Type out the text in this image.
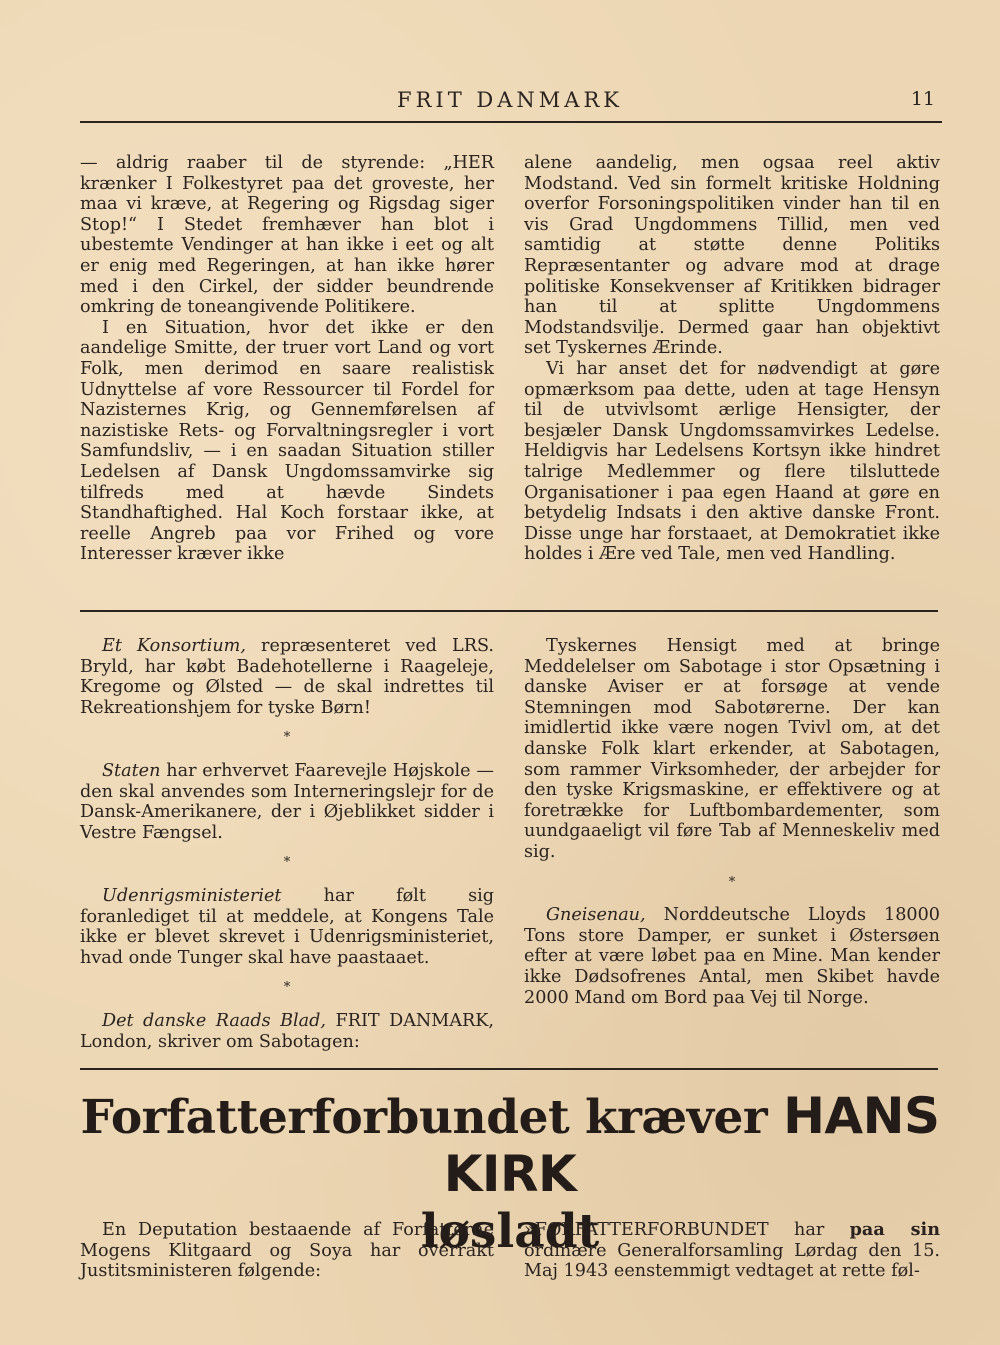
FRIT DANMARK	11

— aldrig raaber til de styrende: „HER krænker I Folkestyret paa det groveste, her maa vi kræve, at Regering og Rigsdag siger Stop!“ I Stedet fremhæver han blot i ubestemte Vendinger at han ikke i eet og alt er enig med Regeringen, at han ikke hører med i den Cirkel, der sidder beundrende omkring de toneangivende Politikere.

I en Situation, hvor det ikke er den aandelige Smitte, der truer vort Land og vort Folk, men derimod en saare realistisk Udnyttelse af vore Ressourcer til Fordel for Nazisternes Krig, og Gennemførelsen af nazistiske Rets- og Forvaltningsregler i vort Samfundsliv, — i en saadan Situation stiller Ledelsen af Dansk Ungdomssamvirke sig tilfreds med at hævde Sindets Standhaftighed. Hal Koch forstaar ikke, at reelle Angreb paa vor Frihed og vore Interesser kræver ikke

alene aandelig, men ogsaa reel aktiv Modstand. Ved sin formelt kritiske Holdning overfor Forsoningspolitiken vinder han til en vis Grad Ungdommens Tillid, men ved samtidig at støtte denne Politiks Repræsentanter og advare mod at drage politiske Konsekvenser af Kritikken bidrager han til at splitte Ungdommens Modstandsvilje. Dermed gaar han objektivt set Tyskernes Ærinde.

Vi har anset det for nødvendigt at gøre opmærksom paa dette, uden at tage Hensyn til de utvivlsomt ærlige Hensigter, der besjæler Dansk Ungdomssamvirkes Ledelse. Heldigvis har Ledelsens Kortsyn ikke hindret talrige Medlemmer og flere tilsluttede Organisationer i paa egen Haand at gøre en betydelig Indsats i den aktive danske Front. Disse unge har forstaaet, at Demokratiet ikke holdes i Ære ved Tale, men ved Handling.

Et Konsortium, repræsenteret ved LRS. Bryld, har købt Badehotellerne i Raageleje, Kregome og Ølsted — de skal indrettes til Rekreationshjem for tyske Børn!

*

Staten har erhvervet Faarevejle Højskole — den skal anvendes som Interneringslejr for de Dansk-Amerikanere, der i Øjeblikket sidder i Vestre Fængsel.

*

Udenrigsministeriet har følt sig foranlediget til at meddele, at Kongens Tale ikke er blevet skrevet i Udenrigsministeriet, hvad onde Tunger skal have paastaaet.

*

Det danske Raads Blad, FRIT DANMARK, London, skriver om Sabotagen:

Tyskernes Hensigt med at bringe Meddelelser om Sabotage i stor Opsætning i danske Aviser er at forsøge at vende Stemningen mod Sabotørerne. Der kan imidlertid ikke være nogen Tvivl om, at det danske Folk klart erkender, at Sabotagen, som rammer Virksomheder, der arbejder for den tyske Krigsmaskine, er effektivere og at foretrække for Luftbombardementer, som uundgaaeligt vil føre Tab af Menneskeliv med sig.

*

Gneisenau, Norddeutsche Lloyds 18000 Tons store Damper, er sunket i Østersøen efter at være løbet paa en Mine. Man kender ikke Dødsofrenes Antal, men Skibet havde 2000 Mand om Bord paa Vej til Norge.

Forfatterforbundet kræver HANS KIRK
løsladt

En Deputation bestaaende af Forfatterne Mogens Klitgaard og Soya har overrakt Justitsministeren følgende:

»FORFATTERFORBUNDET har paa sin ordinære Generalforsamling Lørdag den 15. Maj 1943 eenstemmigt vedtaget at rette føl-
